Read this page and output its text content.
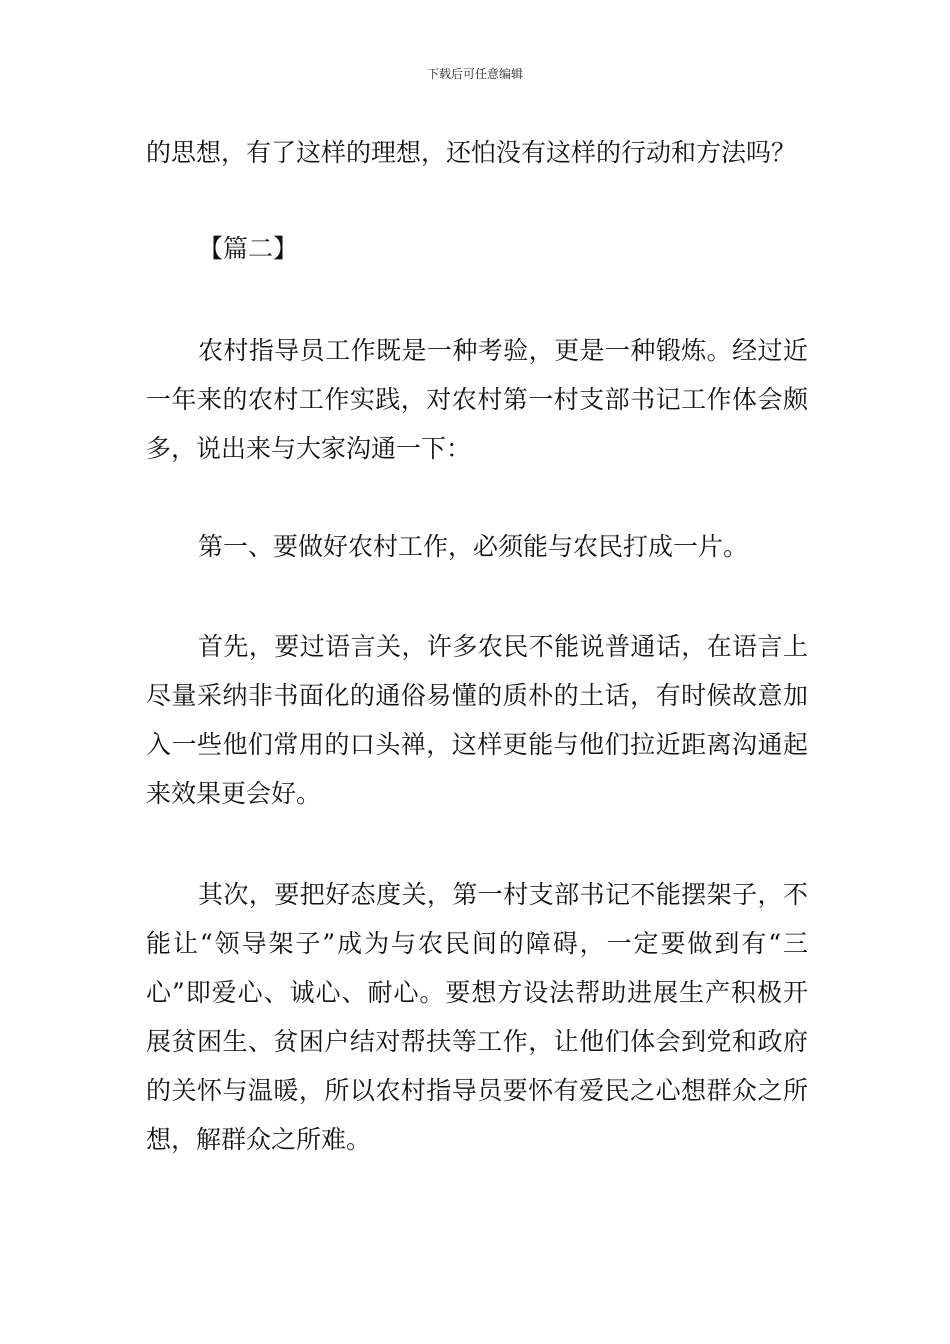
下载后可任意编辑

的思想，有了这样的理想，还怕没有这样的行动和方法吗？

【篇二】

农村指导员工作既是一种考验，更是一种锻炼。经过近一年来的农村工作实践，对农村第一村支部书记工作体会颇多，说出来与大家沟通一下：

第一、要做好农村工作，必须能与农民打成一片。

首先，要过语言关，许多农民不能说普通话，在语言上尽量采纳非书面化的通俗易懂的质朴的土话，有时候故意加入一些他们常用的口头禅，这样更能与他们拉近距离沟通起来效果更会好。

其次，要把好态度关，第一村支部书记不能摆架子，不能让“领导架子”成为与农民间的障碍，一定要做到有“三心”即爱心、诚心、耐心。要想方设法帮助进展生产积极开展贫困生、贫困户结对帮扶等工作，让他们体会到党和政府的关怀与温暖，所以农村指导员要怀有爱民之心想群众之所想，解群众之所难。
